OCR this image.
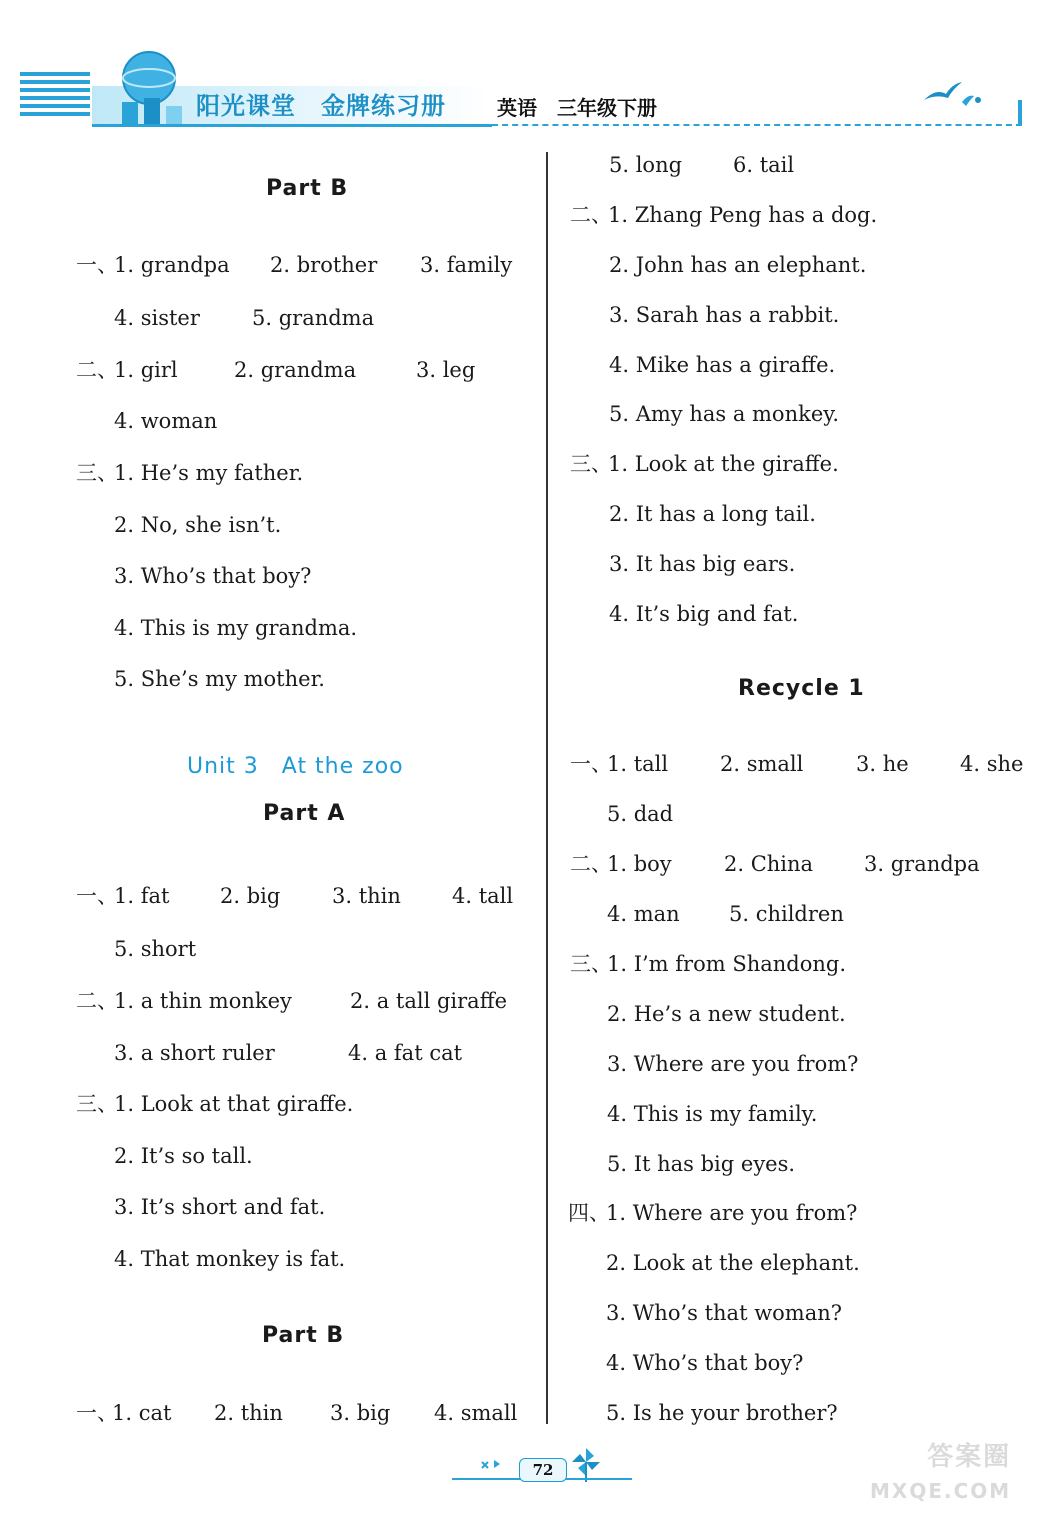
阳光课堂　金牌练习册	英语　三年级下册
Part B
一、
1. grandpa 2. brother 3. family
4. sister 5. grandma
二、
1. girl	2. grandma	3. leg
4. woman
三、
1. He’s my father.
2. No, she isn’t.
3. Who’s that boy?
4. This is my grandma.
5. She’s my mother.
Unit 3　At the zoo
Part A
一、
1. fat 2. big 3. thin 4. tall
5. short
二、
1. a thin monkey	2. a tall giraffe
3. a short ruler	4. a fat cat
三、
1. Look at that giraffe.
2. It’s so tall.
3. It’s short and fat.
4. That monkey is fat.
Part B
一、
1. cat 2. thin 3. big 4. small
5. long 6. tail
二、
1. Zhang Peng has a dog.
2. John has an elephant.
3. Sarah has a rabbit.
4. Mike has a giraffe.
5. Amy has a monkey.
三、
1. Look at the giraffe.
2. It has a long tail.
3. It has big ears.
4. It’s big and fat.
Recycle 1
一、
1. tall 2. small	3. he 4. she
5. dad
二、
1. boy 2. China 3. grandpa
4. man 5. children
三、
1. I’m from Shandong.
2. He’s a new student.
3. Where are you from?
4. This is my family.
5. It has big eyes.
四、
1. Where are you from?
2. Look at the elephant.
3. Who’s that woman?
4. Who’s that boy?
5. Is he your brother?
72	答案圈
MXQE.COM
